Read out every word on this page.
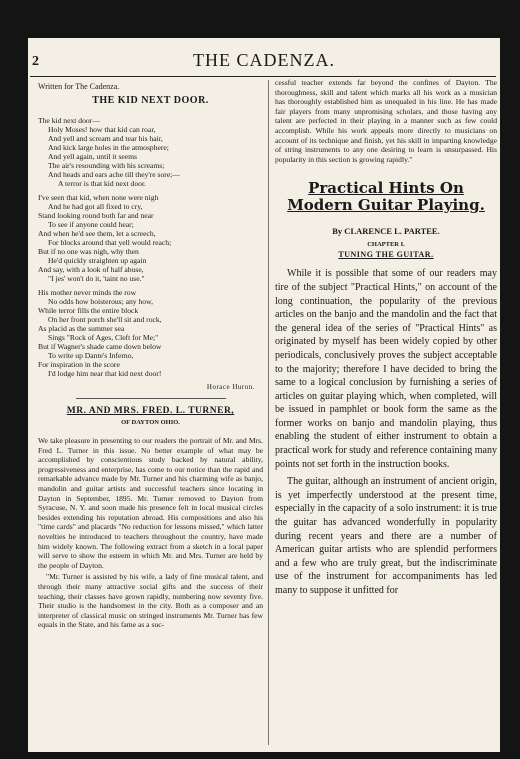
2	THE CADENZA.
Written for The Cadenza.
THE KID NEXT DOOR.
The kid next door—
Holy Moses! how that kid can roar,
And yell and scream and tear his hair,
And kick large holes in the atmosphere;
And yell again, until it seems
The air's resounding with his screams;
And heads and ears ache till they're sore;—
A terror is that kid next door.
I've seen that kid, when none were nigh
And he had got all fixed to cry,
Stand looking round both far and near
To see if anyone could hear;
And when he'd see them, let a screech,
For blocks around that yell would reach;
But if no one was nigh, why then
He'd quickly straighten up again
And say, with a look of half abuse,
"I jes' won't do it, 'taint no use."
His mother never minds the row
No odds how boisterous; any how,
While terror fills the entire block
On her front porch she'll sit and rock,
As placid as the summer sea
Sings "Rock of Ages, Cleft for Me;"
But if Wagner's shade came down below
To write up Dante's Inferno,
For inspiration in the score
I'd lodge him near that kid next door!
Horace Huron.
MR. AND MRS. FRED. L. TURNER,
OF DAYTON OHIO.

We take pleasure in presenting to our readers the portrait of Mr. and Mrs. Fred L. Turner in this issue. No better example of what may be accomplished by conscientious study backed by natural ability, progressiveness and enterprise, has come to our notice than the rapid and remarkable advance made by Mr. Turner and his charming wife as banjo, mandolin and guitar artists and successful teachers since locating in Dayton in September, 1895. Mr. Turner removed to Dayton from Syracuse, N. Y. and soon made his presence felt in local musical circles besides extending his reputation abroad. His compositions and also his "time cards" and placards "No reduction for lessons missed," which latter novelties he introduced to teachers throughout the country, have made him widely known. The following extract from a sketch in a local paper will serve to show the esteem in which Mr. and Mrs. Turner are held by the people of Dayton.

"Mr. Turner is assisted by his wife, a lady of fine musical talent, and through their many attractive social gifts and the success of their teaching, their classes have grown rapidly, numbering now seventy five. Their studio is the handsomest in the city. Both as a composer and an interpreter of classical music on stringed instruments Mr. Turner has few equals in the State, and his fame as a suc-

cessful teacher extends far beyond the confines of Dayton. The thoroughness, skill and talent which marks all his work as a musician has thoroughly established him as unequaled in his line. He has made fair players from many unpromising scholars, and those having any talent are perfected in their playing in a manner such as few could accomplish. While his work appeals more directly to musicians on account of its technique and finish, yet his skill in imparting knowledge of string instruments to any one desiring to learn is unsurpassed. His popularity in this section is growing rapidly."

Practical Hints On Modern Guitar Playing.
By CLARENCE L. PARTEE.
CHAPTER I.
TUNING THE GUITAR.

While it is possible that some of our readers may tire of the subject "Practical Hints," on account of the long continuation, the popularity of the previous articles on the banjo and the mandolin and the fact that the general idea of the series of "Practical Hints" as originated by myself has been widely copied by other periodicals, conclusively proves the subject acceptable to the majority; therefore I have decided to bring the same to a logical conclusion by furnishing a series of articles on guitar playing which, when completed, will be issued in pamphlet or book form the same as the former works on banjo and mandolin playing, thus enabling the student of either instrument to obtain a practical work for study and reference containing many points not set forth in the instruction books.

The guitar, although an instrument of ancient origin, is yet imperfectly understood at the present time, especially in the capacity of a solo instrument: it is true the guitar has advanced wonderfully in popularity during recent years and there are a number of American guitar artists who are splendid performers and a few who are truly great, but the indiscriminate use of the instrument for accompaniments has led many to suppose it unfitted for
